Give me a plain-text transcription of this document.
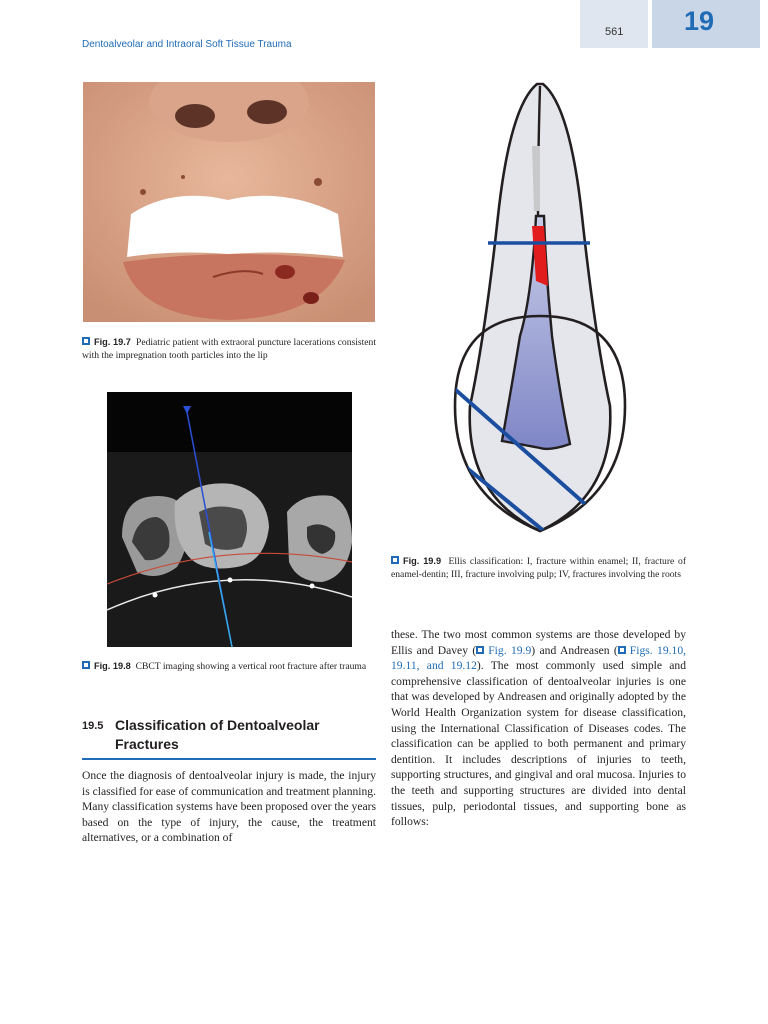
561 19
Dentoalveolar and Intraoral Soft Tissue Trauma
Fig. 19.7 Pediatric patient with extraoral puncture lacerations consistent with the impregnation tooth particles into the lip
Fig. 19.8 CBCT imaging showing a vertical root fracture after trauma
Fig. 19.9 Ellis classification: I, fracture within enamel; II, fracture of enamel-dentin; III, fracture involving pulp; IV, fractures involving the roots
19.5 Classification of Dentoalveolar Fractures
Once the diagnosis of dentoalveolar injury is made, the injury is classified for ease of communication and treatment planning. Many classification systems have been proposed over the years based on the type of injury, the cause, the treatment alternatives, or a combination of
these. The two most common systems are those developed by Ellis and Davey ( Fig. 19.9) and Andreasen ( Figs. 19.10, 19.11, and 19.12). The most commonly used simple and comprehensive classification of dentoalveolar injuries is one that was developed by Andreasen and originally adopted by the World Health Organization system for disease classification, using the International Classification of Diseases codes. The classification can be applied to both permanent and primary dentition. It includes descriptions of injuries to teeth, supporting structures, and gingival and oral mucosa. Injuries to the teeth and supporting structures are divided into dental tissues, pulp, periodontal tissues, and supporting bone as follows:
